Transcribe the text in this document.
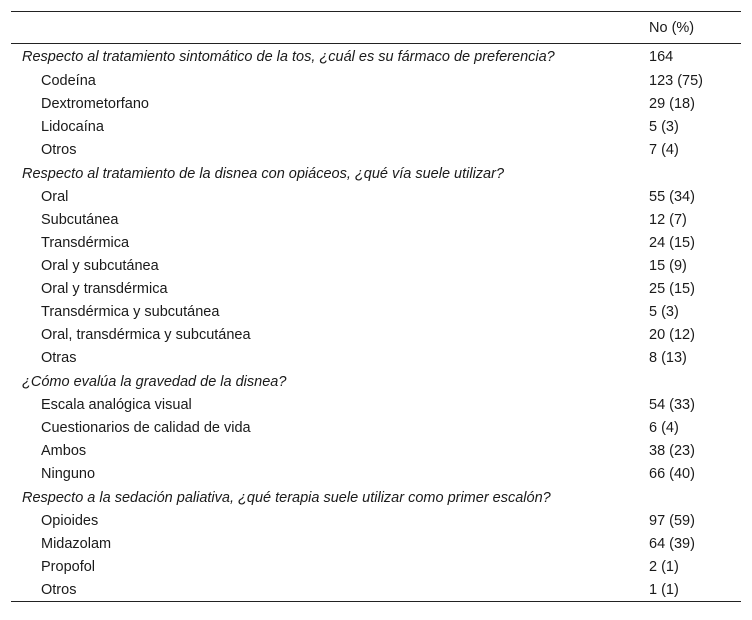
	No (%)
Respecto al tratamiento sintomático de la tos, ¿cuál es su fármaco de preferencia?	164
Codeína	123 (75)
Dextrometorfano	29 (18)
Lidocaína	5 (3)
Otros	7 (4)
Respecto al tratamiento de la disnea con opiáceos, ¿qué vía suele utilizar?	
Oral	55 (34)
Subcutánea	12 (7)
Transdérmica	24 (15)
Oral y subcutánea	15 (9)
Oral y transdérmica	25 (15)
Transdérmica y subcutánea	5 (3)
Oral, transdérmica y subcutánea	20 (12)
Otras	8 (13)
¿Cómo evalúa la gravedad de la disnea?	
Escala analógica visual	54 (33)
Cuestionarios de calidad de vida	6 (4)
Ambos	38 (23)
Ninguno	66 (40)
Respecto a la sedación paliativa, ¿qué terapia suele utilizar como primer escalón?	
Opioides	97 (59)
Midazolam	64 (39)
Propofol	2 (1)
Otros	1 (1)
